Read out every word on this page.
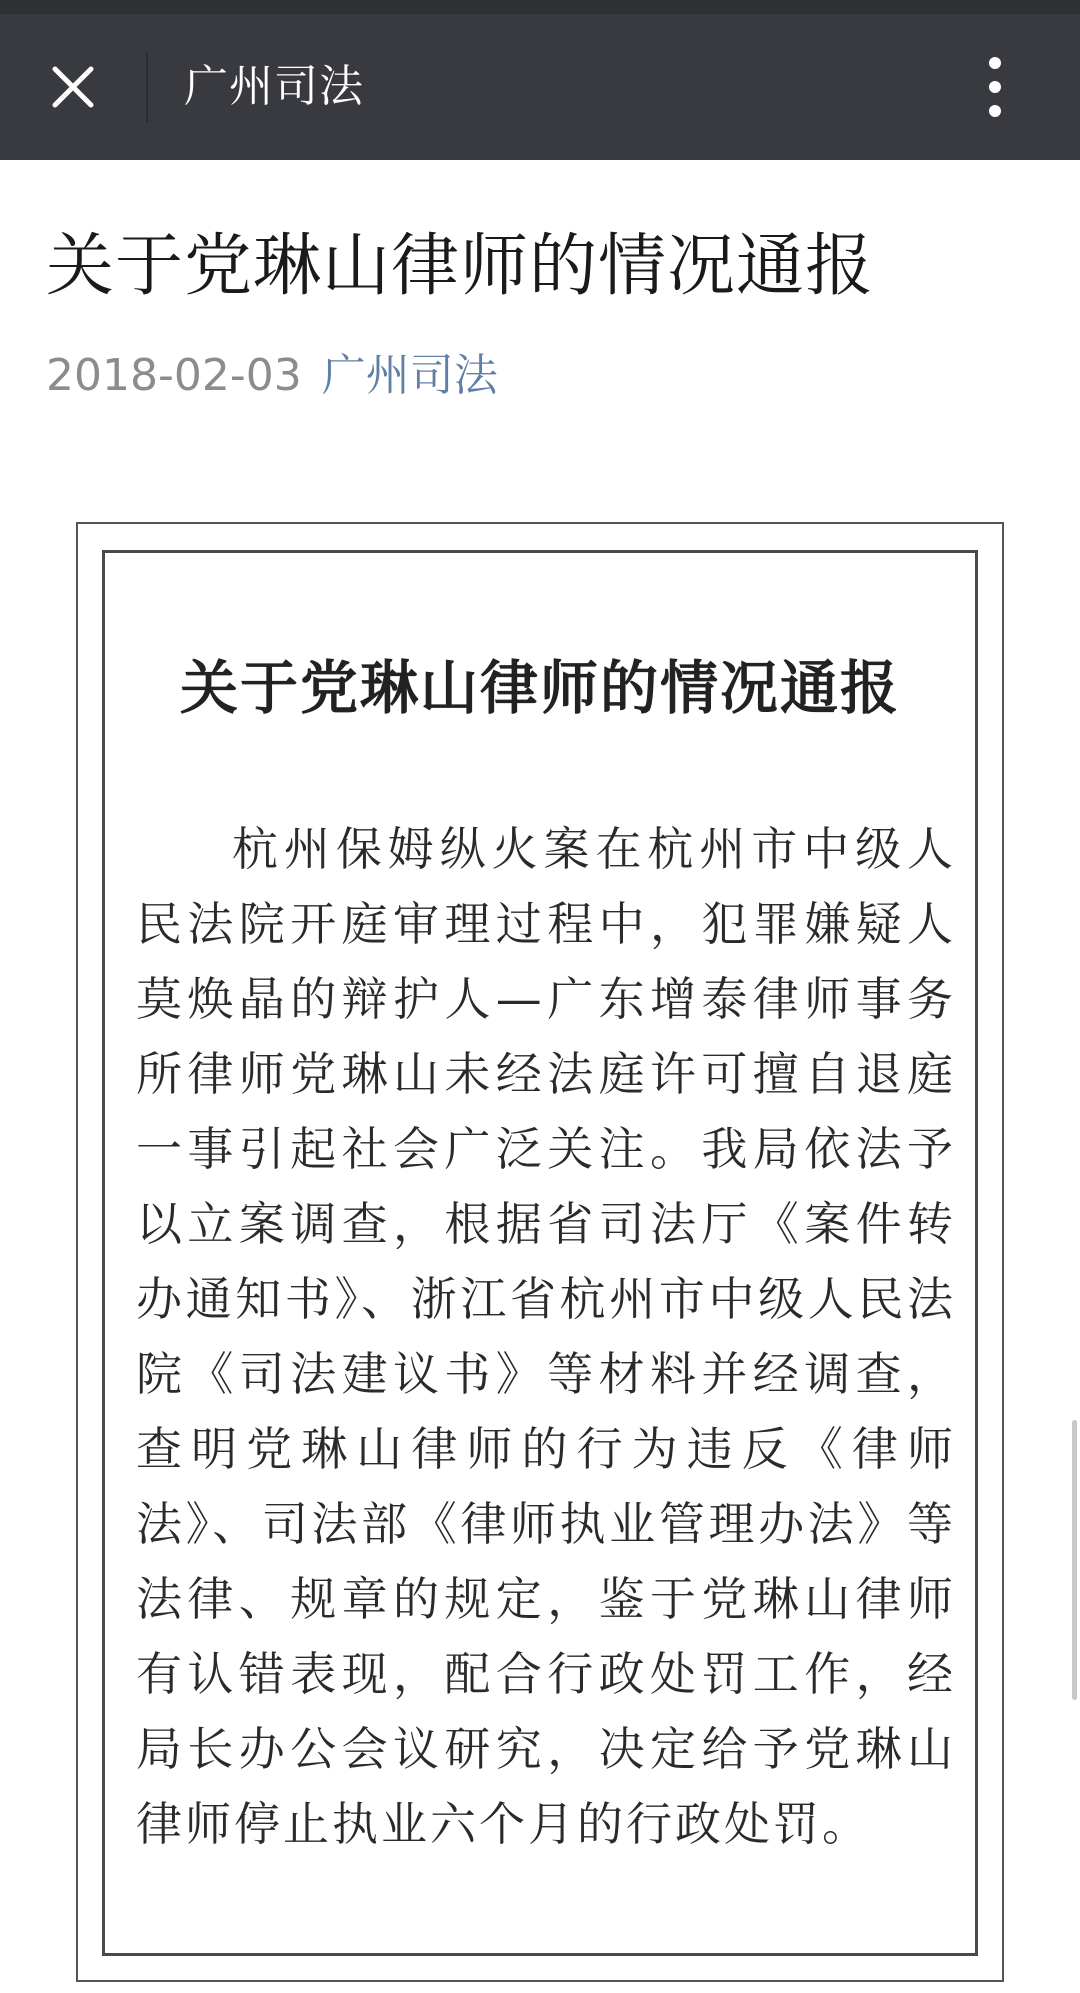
广州司法
关于党琳山律师的情况通报
2018-02-03 广州司法
关于党琳山律师的情况通报
杭州保姆纵火案在杭州市中级人民法院开庭审理过程中，犯罪嫌疑人莫焕晶的辩护人—广东增泰律师事务所律师党琳山未经法庭许可擅自退庭一事引起社会广泛关注。我局依法予以立案调查，根据省司法厅《案件转办通知书》、浙江省杭州市中级人民法院《司法建议书》等材料并经调查，查明党琳山律师的行为违反《律师法》、司法部《律师执业管理办法》等法律、规章的规定，鉴于党琳山律师有认错表现，配合行政处罚工作，经局长办公会议研究，决定给予党琳山律师停止执业六个月的行政处罚。
